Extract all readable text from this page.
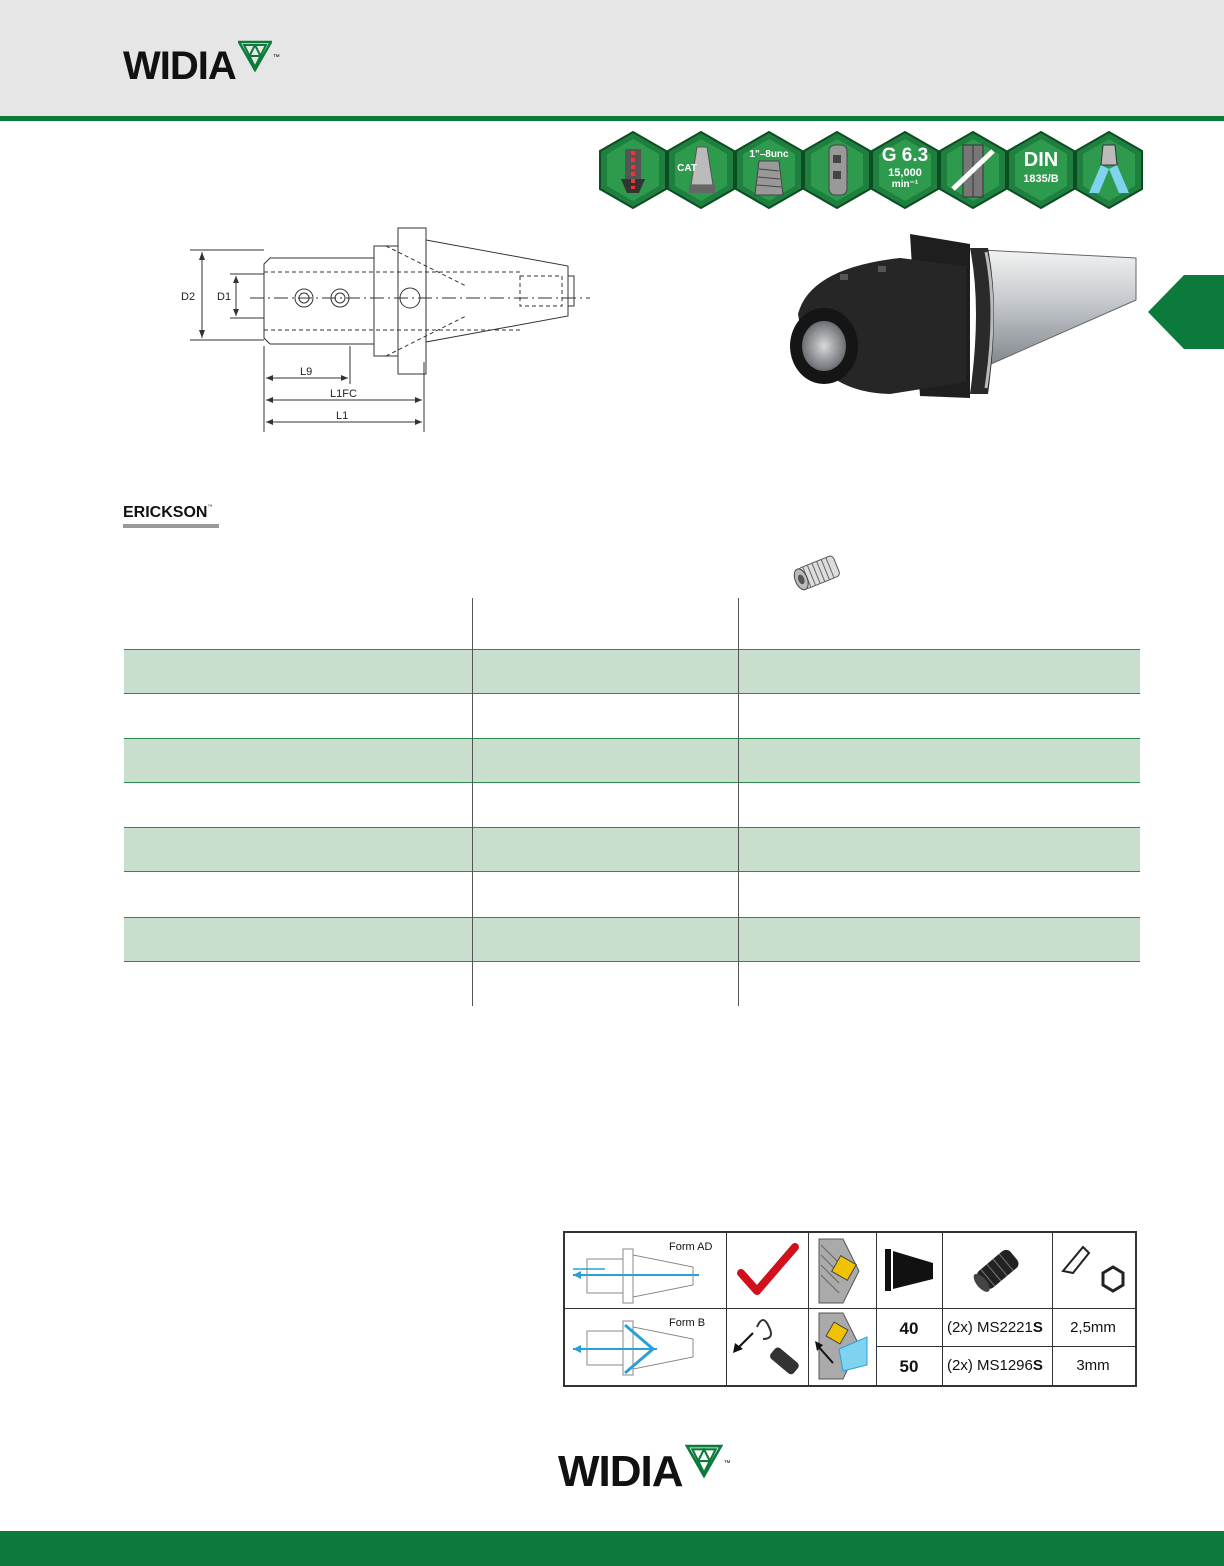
WIDIA	™
CAT
1"–8unc	G 6.3
15,000
min⁻¹
DIN
1835/B
D2 D1
L9
L1FC
L1
ERICKSON™
Form AD
Form B	40	(2x) MS2221S	2,5mm
50	(2x) MS1296S	3mm
WIDIA	™
